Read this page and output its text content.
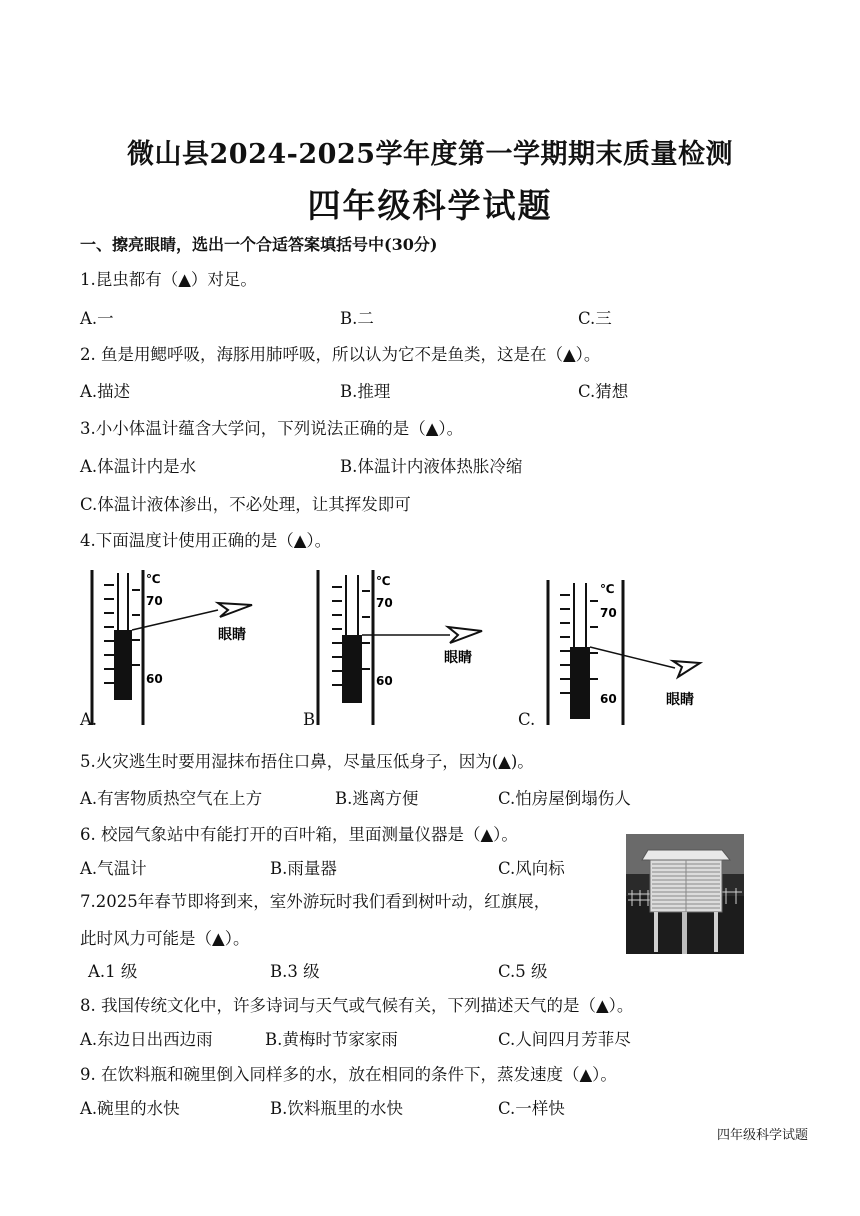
微山县2024-2025学年度第一学期期末质量检测
四年级科学试题
一、擦亮眼睛，选出一个合适答案填括号中(30分)
1.昆虫都有（▲）对足。
A.一	B.二	C.三
2. 鱼是用鳃呼吸，海豚用肺呼吸，所以认为它不是鱼类，这是在（▲）。
A.描述	B.推理	C.猜想
3.小小体温计蕴含大学问，下列说法正确的是（▲）。
A.体温计内是水	B.体温计内液体热胀冷缩
C.体温计液体渗出，不必处理，让其挥发即可
4.下面温度计使用正确的是（▲）。
℃
70
60
眼睛
℃
70
60
眼睛
℃
70
60	眼睛
A.	B.	C.
5.火灾逃生时要用湿抹布捂住口鼻，尽量压低身子，因为(▲)。
A.有害物质热空气在上方	B.逃离方便	C.怕房屋倒塌伤人
6. 校园气象站中有能打开的百叶箱，里面测量仪器是（▲）。
A.气温计	B.雨量器	C.风向标
7.2025年春节即将到来，室外游玩时我们看到树叶动，红旗展，
此时风力可能是（▲）。
A.1 级	B.3 级	C.5 级
8. 我国传统文化中，许多诗词与天气或气候有关，下列描述天气的是（▲）。
A.东边日出西边雨	B.黄梅时节家家雨	C.人间四月芳菲尽
9. 在饮料瓶和碗里倒入同样多的水，放在相同的条件下，蒸发速度（▲）。
A.碗里的水快	B.饮料瓶里的水快	C.一样快
四年级科学试题
